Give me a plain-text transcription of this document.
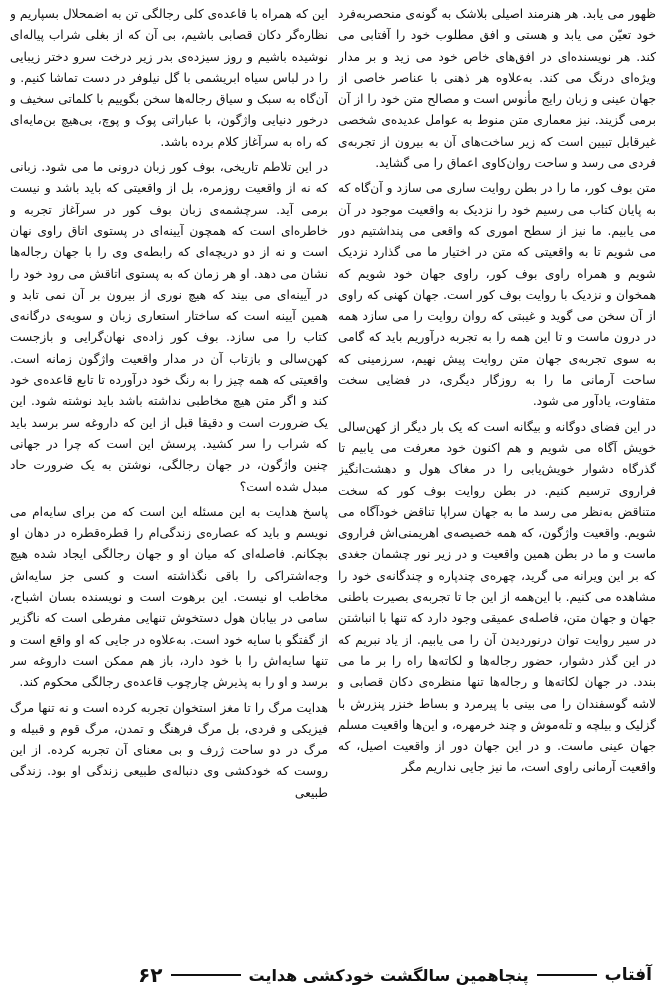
ظهور می یابد. هر هنرمند اصیلی بلاشک به گونه‌ی منحصربه‌فرد خود تعیّن می یابد و هستی و افق مطلوب خود را آفتابی می کند. هر نویسنده‌ای در افق‌های خاص خود می زید و بر مدار ویژه‌ای درنگ می کند. به‌علاوه هر ذهنی با عناصر خاصی از جهان عینی و زبان رایج مأنوس است و مصالح متن خود را از آن برمی گزیند. نیز معماری متن منوط به عوامل عدیده‌ی شخصی غیرقابل تبیین است که زیر ساخت‌های آن به بیرون از تجربه‌ی فردی می رسد و ساحت روان‌کاوی اعماق را می گشاید.

متن بوف کور، ما را در بطن روایت ساری می سازد و آن‌گاه که به پایان کتاب می رسیم خود را نزدیک به واقعیت موجود در آن می یابیم. ما نیز از سطح اموری که واقعی می پنداشتیم دور می شویم تا به واقعیتی که متن در اختیار ما می گذارد نزدیک شویم و همراه راوی بوف کور، راوی جهان خود شویم که همخوان و نزدیک با روایت بوف کور است. جهان کهنی که راوی از آن سخن می گوید و غیبتی که روان روایت را می سازد همه در درون ماست و تا این همه را به تجربه درآوریم باید که گامی به سوی تجربه‌ی جهان متن روایت پیش نهیم، سرزمینی که ساحت آرمانی ما را به روزگار دیگری، در فضایی سخت متفاوت، یادآور می شود.

در این فضای دوگانه و بیگانه است که یک بار دیگر از کهن‌سالی خویش آگاه می شویم و هم اکنون خود معرفت می یابیم تا گذرگاه دشوار خویش‌یابی را در مغاک هول و دهشت‌انگیز فراروی ترسیم کنیم. در بطن روایت بوف کور که سخت متناقض به‌نظر می رسد ما به جهان سراپا تناقض خودآگاه می شویم. واقعیت واژگون، که همه خصیصه‌ی اهریمنی‌اش فراروی ماست و ما در بطن همین واقعیت و در زیر نور چشمان جغدی که بر این ویرانه می گرید، چهره‌ی چندپاره و چندگانه‌ی خود را مشاهده می کنیم. با این‌همه از این جا تا تجربه‌ی بصیرت باطنی جهان و جهان متن، فاصله‌ی عمیقی وجود دارد که تنها با انباشتن در سیر روایت توان درنوردیدن آن را می یابیم. از یاد نبریم که در این گذر دشوار، حضور رجاله‌ها و لکاته‌ها راه را بر ما می بندد. در جهان لکاته‌ها و رجاله‌ها تنها منظره‌ی دکان قصابی و لاشه گوسفندان را می بینی با پیرمرد و بساط خنزر پنزرش با گزلیک و بیلچه و تله‌موش و چند خرمهره، و این‌ها واقعیت مسلم جهان عینی ماست. و در این جهان دور از واقعیت اصیل، که واقعیت آرمانی راوی است، ما نیز جایی نداریم مگر

این که همراه با قاعده‌ی کلی رجالگی تن به اضمحلال بسپاریم و نظاره‌گر دکان قصابی باشیم، بی آن که از بغلی شراب پیاله‌ای نوشیده باشیم و روز سیزده‌ی بدر زیر درخت سرو دختر زیبایی را در لباس سیاه ابریشمی با گل نیلوفر در دست تماشا کنیم. و آن‌گاه به سبک و سیاق رجاله‌ها سخن بگوییم با کلماتی سخیف و درخور دنیایی واژگون، با عباراتی پوک و پوچ، بی‌هیچ بن‌مایه‌ای که راه به سرآغاز کلام برده باشد.

در این تلاطم تاریخی، بوف کور زبان درونی ما می شود. زبانی که نه از واقعیت روزمره، بل از واقعیتی که باید باشد و نیست برمی آید. سرچشمه‌ی زبان بوف کور در سرآغاز تجربه و خاطره‌ای است که همچون آیینه‌ای در پستوی اتاق راوی نهان است و نه از دو دریچه‌ای که رابطه‌ی وی را با جهان رجاله‌ها نشان می دهد. او هر زمان که به پستوی اتاقش می رود خود را در آیینه‌ای می بیند که هیچ نوری از بیرون بر آن نمی تابد و همین آیینه است که ساختار استعاری زبان و سویه‌ی درگانه‌ی کتاب را می سازد. بوف کور زاده‌ی نهان‌گرایی و بازجست کهن‌سالی و بازتاب آن در مدار واقعیت واژگون زمانه است. واقعیتی که همه چیز را به رنگ خود درآورده تا تابع قاعده‌ی خود کند و اگر متن هیچ مخاطبی نداشته باشد باید نوشته شود. این یک ضرورت است و دقیقا قبل از این که داروغه سر برسد باید که شراب را سر کشید. پرسش این است که چرا در جهانی چنین واژگون، در جهان رجالگی، نوشتن به یک ضرورت حاد مبدل شده است؟

پاسخ هدایت به این مسئله این است که من برای سایه‌ام می نویسم و باید که عصاره‌ی زندگی‌ام را قطره‌قطره در دهان او بچکانم. فاصله‌ای که میان او و جهان رجالگی ایجاد شده هیچ وجه‌اشتراکی را باقی نگذاشته است و کسی جز سایه‌اش مخاطب او نیست. این برهوت است و نویسنده بسان اشباح، سامی در بیابان هول دستخوش تنهایی مفرطی است که ناگزیر از گفتگو با سایه خود است. به‌علاوه در جایی که او واقع است و تنها سایه‌اش را با خود دارد، باز هم ممکن است داروغه سر برسد و او را به پذیرش چارچوب قاعده‌ی رجالگی محکوم کند.

هدایت مرگ را تا مغز استخوان تجربه کرده است و نه تنها مرگ فیزیکی و فردی، بل مرگ فرهنگ و تمدن، مرگ قوم و قبیله و مرگ در دو ساحت ژرف و بی معنای آن تجربه کرده. از این روست که خودکشی وی دنباله‌ی طبیعی زندگی او بود. زندگی طبیعی

آفتاب
پنجاهمین سالگشت خودکشی هدایت
۶۲
